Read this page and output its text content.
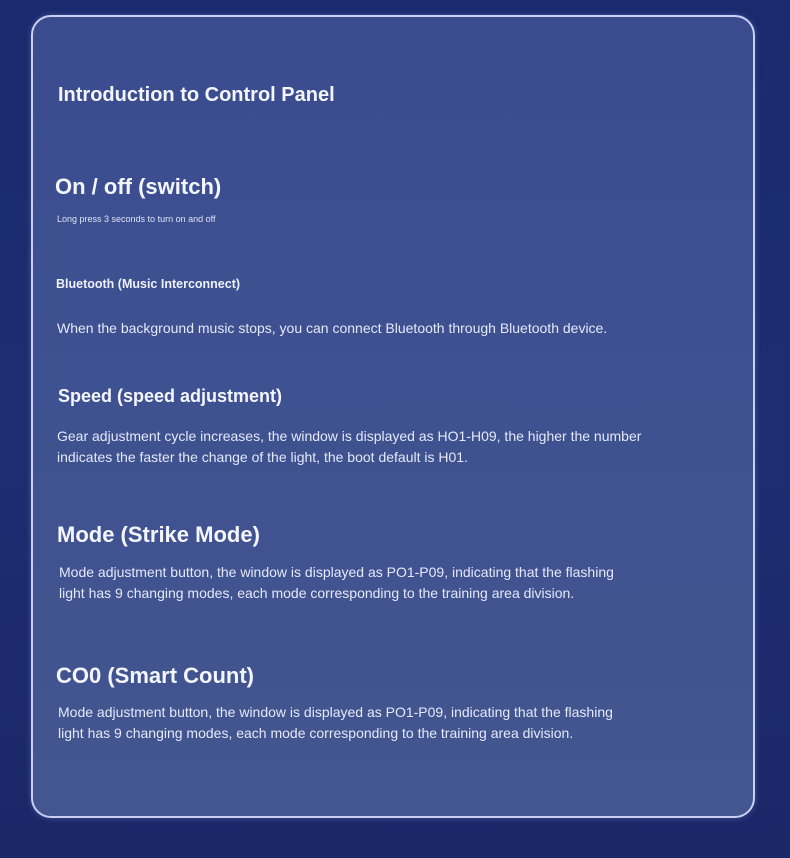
Introduction to Control Panel
On / off (switch)

Long press 3 seconds to turn on and off

Bluetooth (Music Interconnect)

When the background music stops, you can connect Bluetooth through Bluetooth device.

Speed (speed adjustment)
Gear adjustment cycle increases, the window is displayed as HO1-H09, the higher the number
indicates the faster the change of the light, the boot default is H01.
Mode (Strike Mode)
Mode adjustment button, the window is displayed as PO1-P09, indicating that the flashing
light has 9 changing modes, each mode corresponding to the training area division.
CO0 (Smart Count)
Mode adjustment button, the window is displayed as PO1-P09, indicating that the flashing
light has 9 changing modes, each mode corresponding to the training area division.
